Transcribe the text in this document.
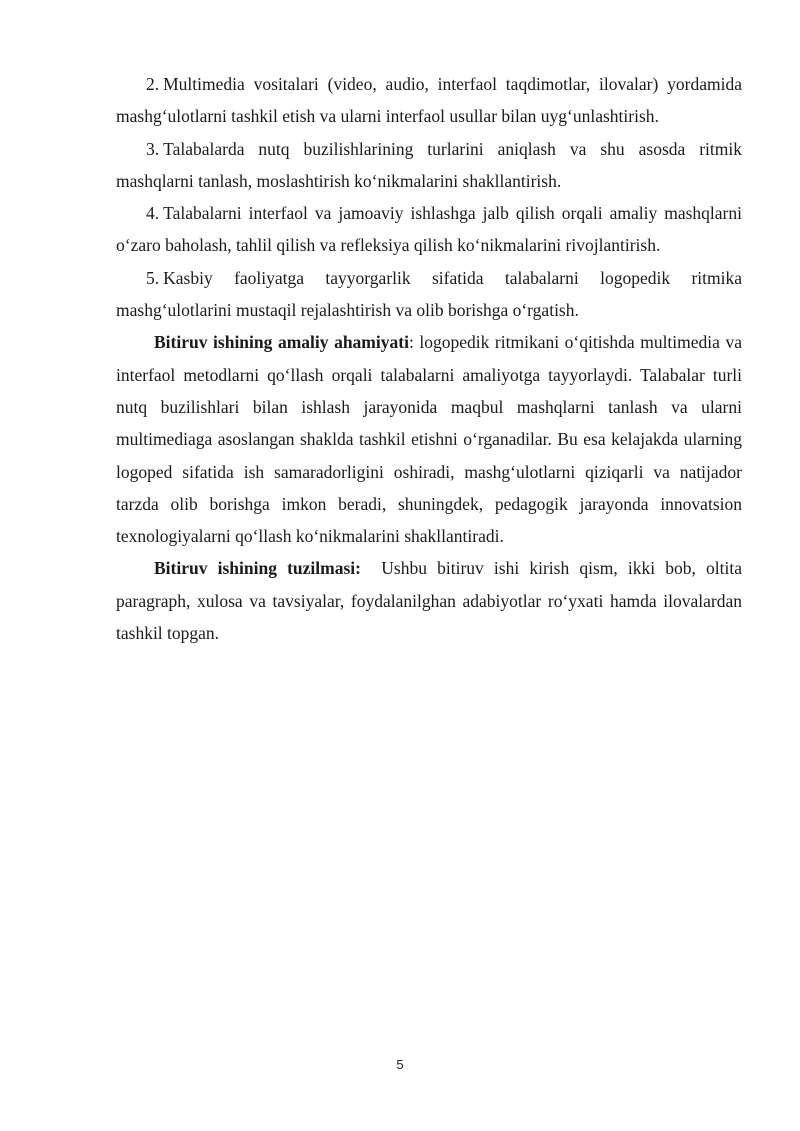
2. Multimedia vositalari (video, audio, interfaol taqdimotlar, ilovalar) yordamida mashg‘ulotlarni tashkil etish va ularni interfaol usullar bilan uyg‘unlashtirish.

3. Talabalarda nutq buzilishlarining turlarini aniqlash va shu asosda ritmik mashqlarni tanlash, moslashtirish ko‘nikmalarini shakllantirish.

4. Talabalarni interfaol va jamoaviy ishlashga jalb qilish orqali amaliy mashqlarni o‘zaro baholash, tahlil qilish va refleksiya qilish ko‘nikmalarini rivojlantirish.

5. Kasbiy faoliyatga tayyorgarlik sifatida talabalarni logopedik ritmika mashg‘ulotlarini mustaqil rejalashtirish va olib borishga o‘rgatish.

Bitiruv ishining amaliy ahamiyati: logopedik ritmikani o‘qitishda multimedia va interfaol metodlarni qo‘llash orqali talabalarni amaliyotga tayyorlaydi. Talabalar turli nutq buzilishlari bilan ishlash jarayonida maqbul mashqlarni tanlash va ularni multimediaga asoslangan shaklda tashkil etishni o‘rganadilar. Bu esa kelajakda ularning logoped sifatida ish samaradorligini oshiradi, mashg‘ulotlarni qiziqarli va natijador tarzda olib borishga imkon beradi, shuningdek, pedagogik jarayonda innovatsion texnologiyalarni qo‘llash ko‘nikmalarini shakllantiradi.

Bitiruv ishining tuzilmasi:  Ushbu bitiruv ishi kirish qism, ikki bob, oltita paragraph, xulosa va tavsiyalar, foydalanilghan adabiyotlar ro‘yxati hamda ilovalardan tashkil topgan.

5
